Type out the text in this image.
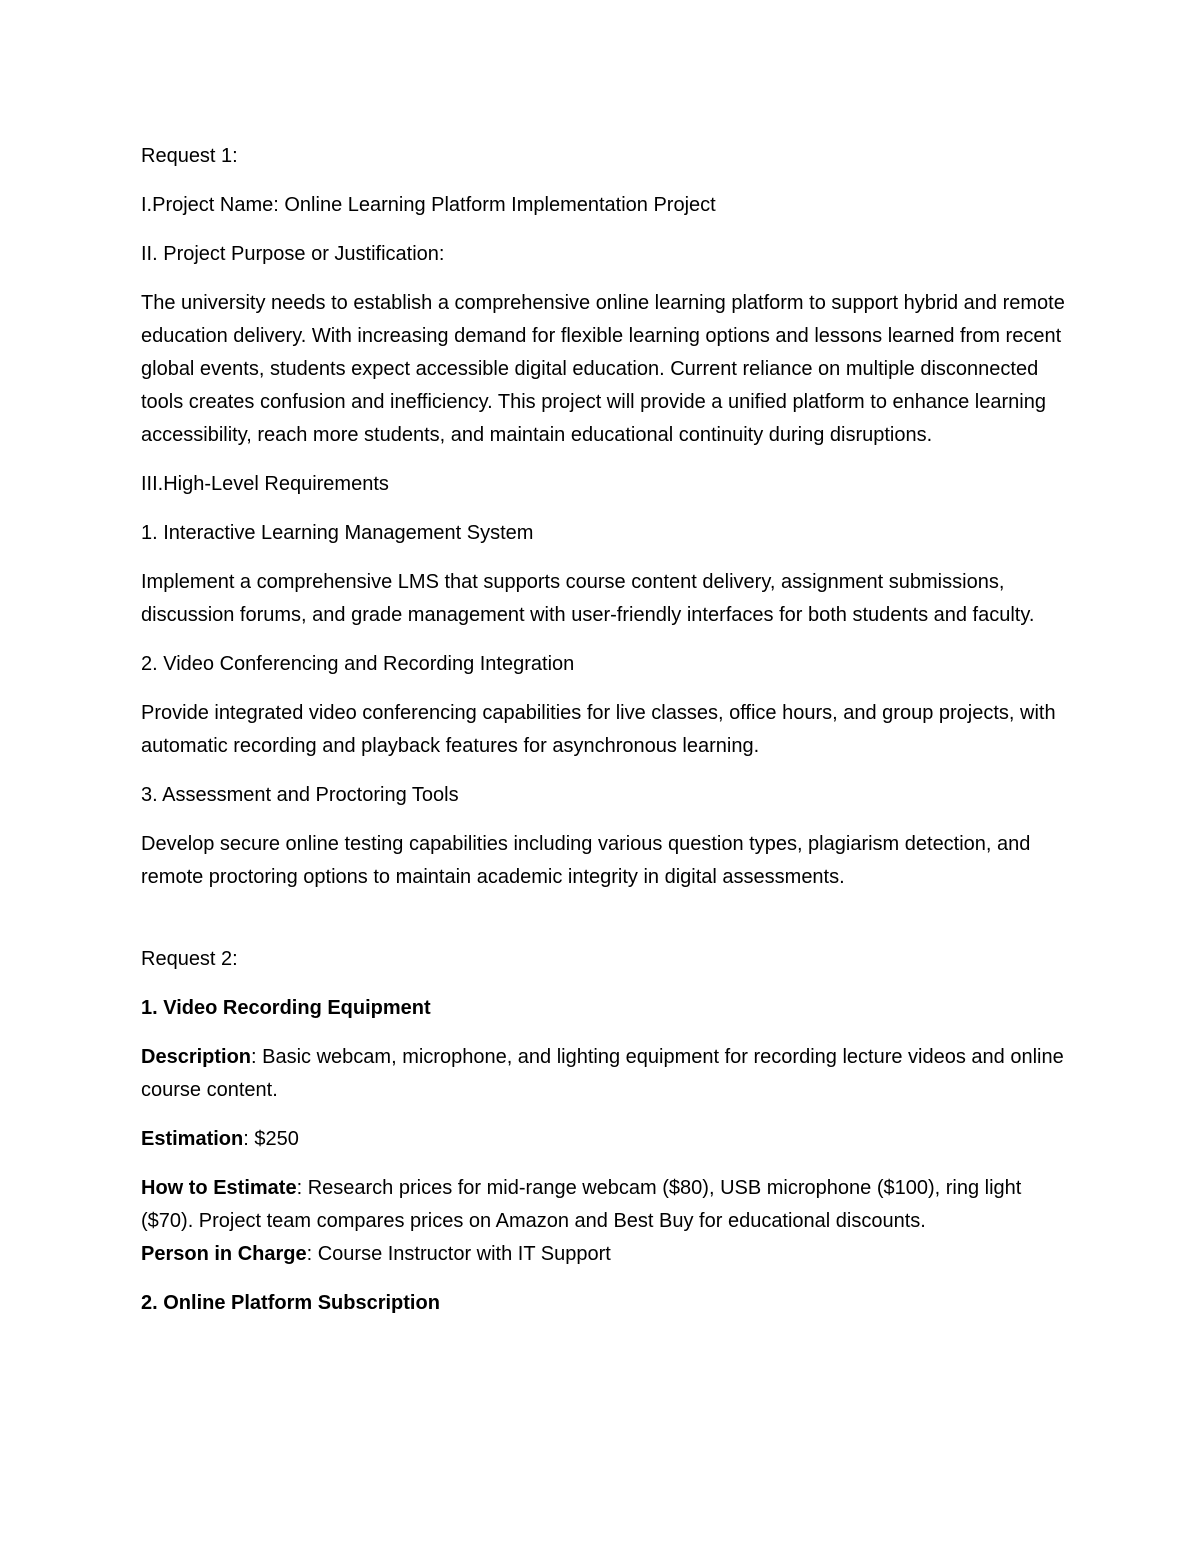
Request 1:

I.Project Name: Online Learning Platform Implementation Project

II. Project Purpose or Justification:

The university needs to establish a comprehensive online learning platform to support hybrid and remote education delivery. With increasing demand for flexible learning options and lessons learned from recent global events, students expect accessible digital education. Current reliance on multiple disconnected tools creates confusion and inefficiency. This project will provide a unified platform to enhance learning accessibility, reach more students, and maintain educational continuity during disruptions.

III.High-Level Requirements

1. Interactive Learning Management System

Implement a comprehensive LMS that supports course content delivery, assignment submissions, discussion forums, and grade management with user-friendly interfaces for both students and faculty.

2. Video Conferencing and Recording Integration

Provide integrated video conferencing capabilities for live classes, office hours, and group projects, with automatic recording and playback features for asynchronous learning.

3. Assessment and Proctoring Tools

Develop secure online testing capabilities including various question types, plagiarism detection, and remote proctoring options to maintain academic integrity in digital assessments.

Request 2:

1. Video Recording Equipment

Description: Basic webcam, microphone, and lighting equipment for recording lecture videos and online course content.

Estimation: $250

How to Estimate: Research prices for mid-range webcam ($80), USB microphone ($100), ring light ($70). Project team compares prices on Amazon and Best Buy for educational discounts.
Person in Charge: Course Instructor with IT Support

2. Online Platform Subscription
